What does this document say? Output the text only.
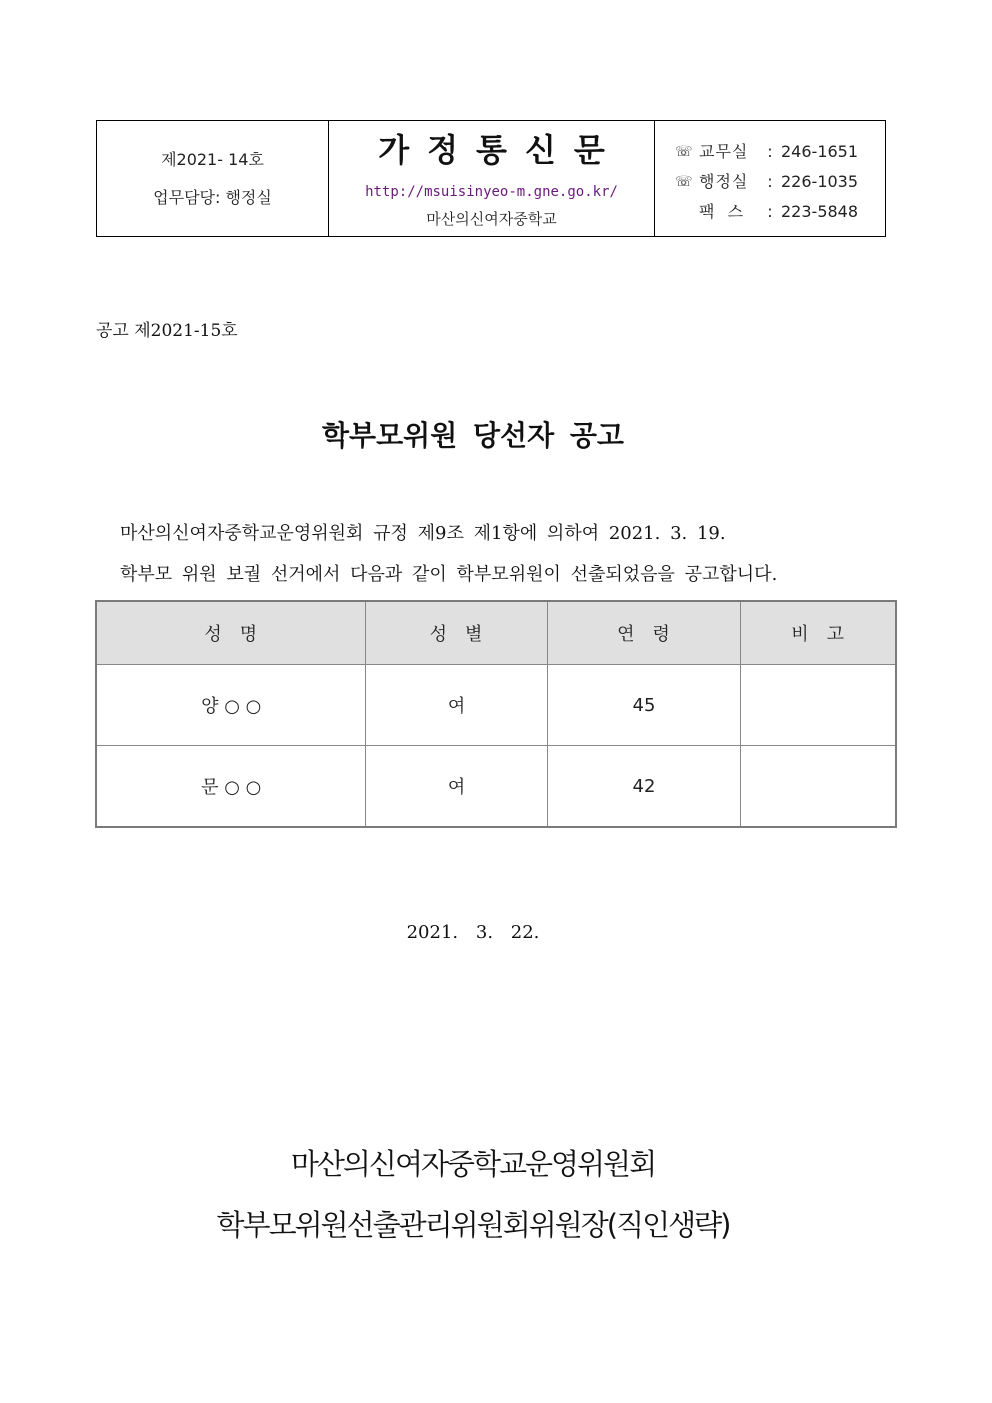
제2021- 14호
업무담당: 행정실
가정통신문
http://msuisinyeo-m.gne.go.kr/
마산의신여자중학교
☏ 교무실	: 246-1651
☏ 행정실	: 226-1035
팩  스	: 223-5848
공고 제2021-15호
학부모위원 당선자 공고
마산의신여자중학교운영위원회 규정 제9조 제1항에 의하여 2021. 3. 19.
학부모 위원 보궐 선거에서 다음과 같이 학부모위원이 선출되었음을 공고합니다.
성명	성별	연령	비고
양 ○ ○	여	45	
문 ○ ○	여	42	
2021. 3. 22.
마산의신여자중학교운영위원회
학부모위원선출관리위원회위원장(직인생략)
